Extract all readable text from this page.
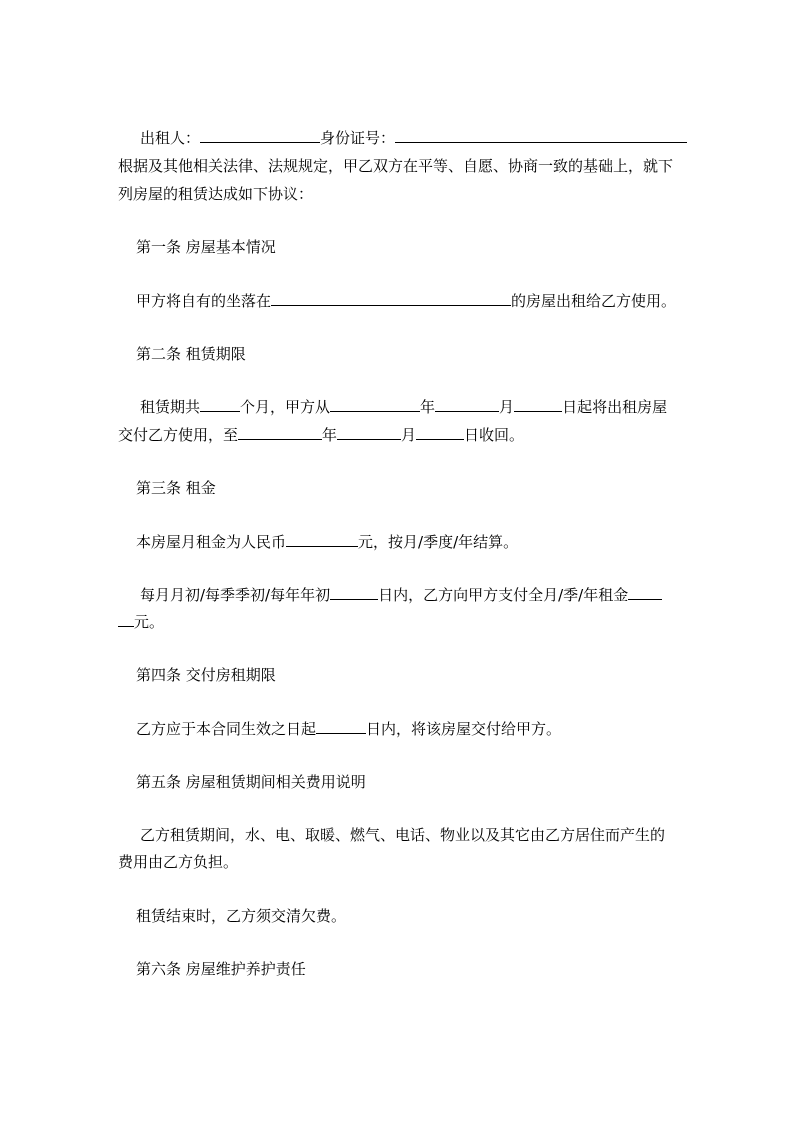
出租人：	身份证号：

根据及其他相关法律、法规规定，甲乙双方在平等、自愿、协商一致的基础上，就下

列房屋的租赁达成如下协议：

第一条 房屋基本情况

甲方将自有的坐落在	的房屋出租给乙方使用。

第二条 租赁期限

租赁期共	个月，甲方从	年	月	日起将出租房屋

交付乙方使用，至	年	月	日收回。

第三条 租金

本房屋月租金为人民币	元，按月/季度/年结算。

每月月初/每季季初/每年年初	日内，乙方向甲方支付全月/季/年租金

元。

第四条 交付房租期限

乙方应于本合同生效之日起	日内，将该房屋交付给甲方。

第五条 房屋租赁期间相关费用说明

乙方租赁期间，水、电、取暖、燃气、电话、物业以及其它由乙方居住而产生的

费用由乙方负担。

租赁结束时，乙方须交清欠费。

第六条 房屋维护养护责任
